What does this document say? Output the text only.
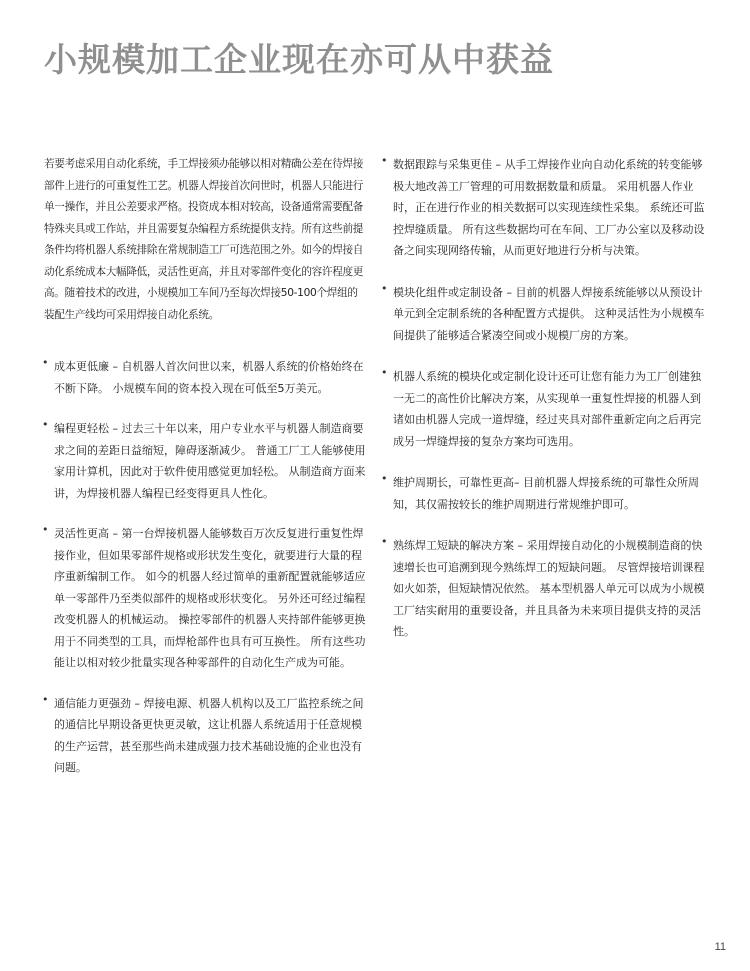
小规模加工企业现在亦可从中获益

若要考虑采用自动化系统，手工焊接须办能够以相对精确公差在待焊接部件上进行的可重复性工艺。机器人焊接首次问世时，机器人只能进行单一操作，并且公差要求严格。投资成本相对较高，设备通常需要配备特殊夹具或工作站，并且需要复杂编程方系统提供支持。所有这些前提条件均将机器人系统排除在常规制造工厂可选范围之外。如今的焊接自动化系统成本大幅降低，灵活性更高，并且对零部件变化的容许程度更高。随着技术的改进，小规模加工车间乃至每次焊接50-100个焊组的装配生产线均可采用焊接自动化系统。

• 成本更低廉 – 自机器人首次问世以来，机器人系统的价格始终在不断下降。 小规模车间的资本投入现在可低至5万美元。
• 编程更轻松 – 过去三十年以来，用户专业水平与机器人制造商要求之间的差距日益缩短，障碍逐渐减少。 普通工厂工人能够使用家用计算机，因此对于软件使用感觉更加轻松。 从制造商方面来讲，为焊接机器人编程已经变得更具人性化。
• 灵活性更高 – 第一台焊接机器人能够数百万次反复进行重复性焊接作业，但如果零部件规格或形状发生变化，就要进行大量的程序重新编制工作。 如今的机器人经过简单的重新配置就能够适应单一零部件乃至类似部件的规格或形状变化。 另外还可经过编程改变机器人的机械运动。 操控零部件的机器人夹持部件能够更换用于不同类型的工具，而焊枪部件也具有可互换性。 所有这些功能让以相对较少批量实现各种零部件的自动化生产成为可能。
• 通信能力更强劲 – 焊接电源、机器人机构以及工厂监控系统之间的通信比早期设备更快更灵敏，这让机器人系统适用于任意规模的生产运营，甚至那些尚未建成强力技术基础设施的企业也没有问题。
• 数据跟踪与采集更佳 – 从手工焊接作业向自动化系统的转变能够极大地改善工厂管理的可用数据数量和质量。 采用机器人作业时，正在进行作业的相关数据可以实现连续性采集。 系统还可监控焊缝质量。 所有这些数据均可在车间、工厂办公室以及移动设备之间实现网络传输，从而更好地进行分析与决策。
• 模块化组件或定制设备 – 目前的机器人焊接系统能够以从预设计单元到全定制系统的各种配置方式提供。 这种灵活性为小规模车间提供了能够适合紧凑空间或小规模厂房的方案。
• 机器人系统的模块化或定制化设计还可让您有能力为工厂创建独一无二的高性价比解决方案，从实现单一重复性焊接的机器人到诸如由机器人完成一道焊缝，经过夹具对部件重新定向之后再完成另一焊缝焊接的复杂方案均可选用。
• 维护周期长，可靠性更高– 目前机器人焊接系统的可靠性众所周知，其仅需按较长的维护周期进行常规维护即可。
• 熟练焊工短缺的解决方案 – 采用焊接自动化的小规模制造商的快速增长也可追溯到现今熟练焊工的短缺问题。 尽管焊接培训课程如火如荼，但短缺情况依然。 基本型机器人单元可以成为小规模工厂结实耐用的重要设备，并且具备为未来项目提供支持的灵活性。
11
